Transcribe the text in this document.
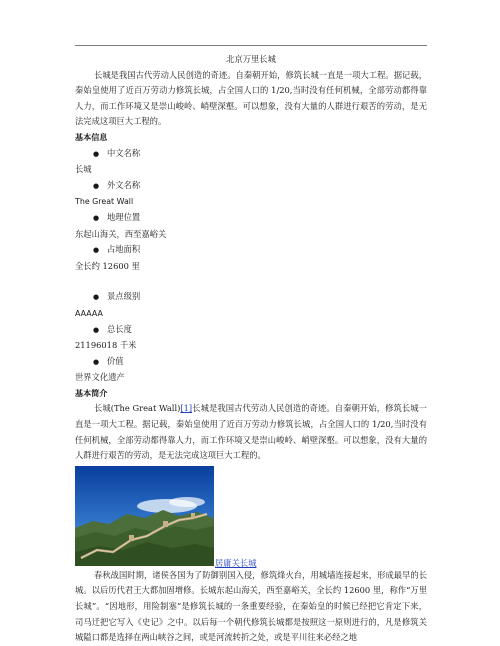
北京万里长城
长城是我国古代劳动人民创造的奇迹。自秦朝开始，修筑长城一直是一项大工程。据记载，秦始皇使用了近百万劳动力修筑长城，占全国人口的 1/20,当时没有任何机械，全部劳动都得靠人力，而工作环境又是崇山峻岭、峭壁深壑。可以想象，没有大量的人群进行艰苦的劳动，是无法完成这项巨大工程的。
基本信息
● 中文名称
长城
● 外文名称
The Great Wall
● 地理位置
东起山海关，西至嘉峪关
● 占地面积
全长约 12600 里
● 景点级别
AAAAA
● 总长度
21196018 千米
● 价值
世界文化遗产
基本简介
长城(The Great Wall)[1]长城是我国古代劳动人民创造的奇迹。自秦朝开始，修筑长城一直是一项大工程。据记载，秦始皇使用了近百万劳动力修筑长城，占全国人口的 1/20,当时没有任何机械，全部劳动都得靠人力，而工作环境又是崇山峻岭、峭壁深壑。可以想象，没有大量的人群进行艰苦的劳动，是无法完成这项巨大工程的。
居庸关长城
春秋战国时期，诸侯各国为了防御别国入侵，修筑烽火台，用城墙连接起来，形成最早的长城。以后历代君王大都加固增修。长城东起山海关，西至嘉峪关，全长约 12600 里，称作“万里长城”。“因地形，用险制塞”是修筑长城的一条重要经验，在秦始皇的时候已经把它肯定下来，司马迁把它写入《史记》之中。以后每一个朝代修筑长城都是按照这一原则进行的，凡是修筑关城隘口都是选择在两山峡谷之间，或是河流转折之处，或是平川往来必经之地
